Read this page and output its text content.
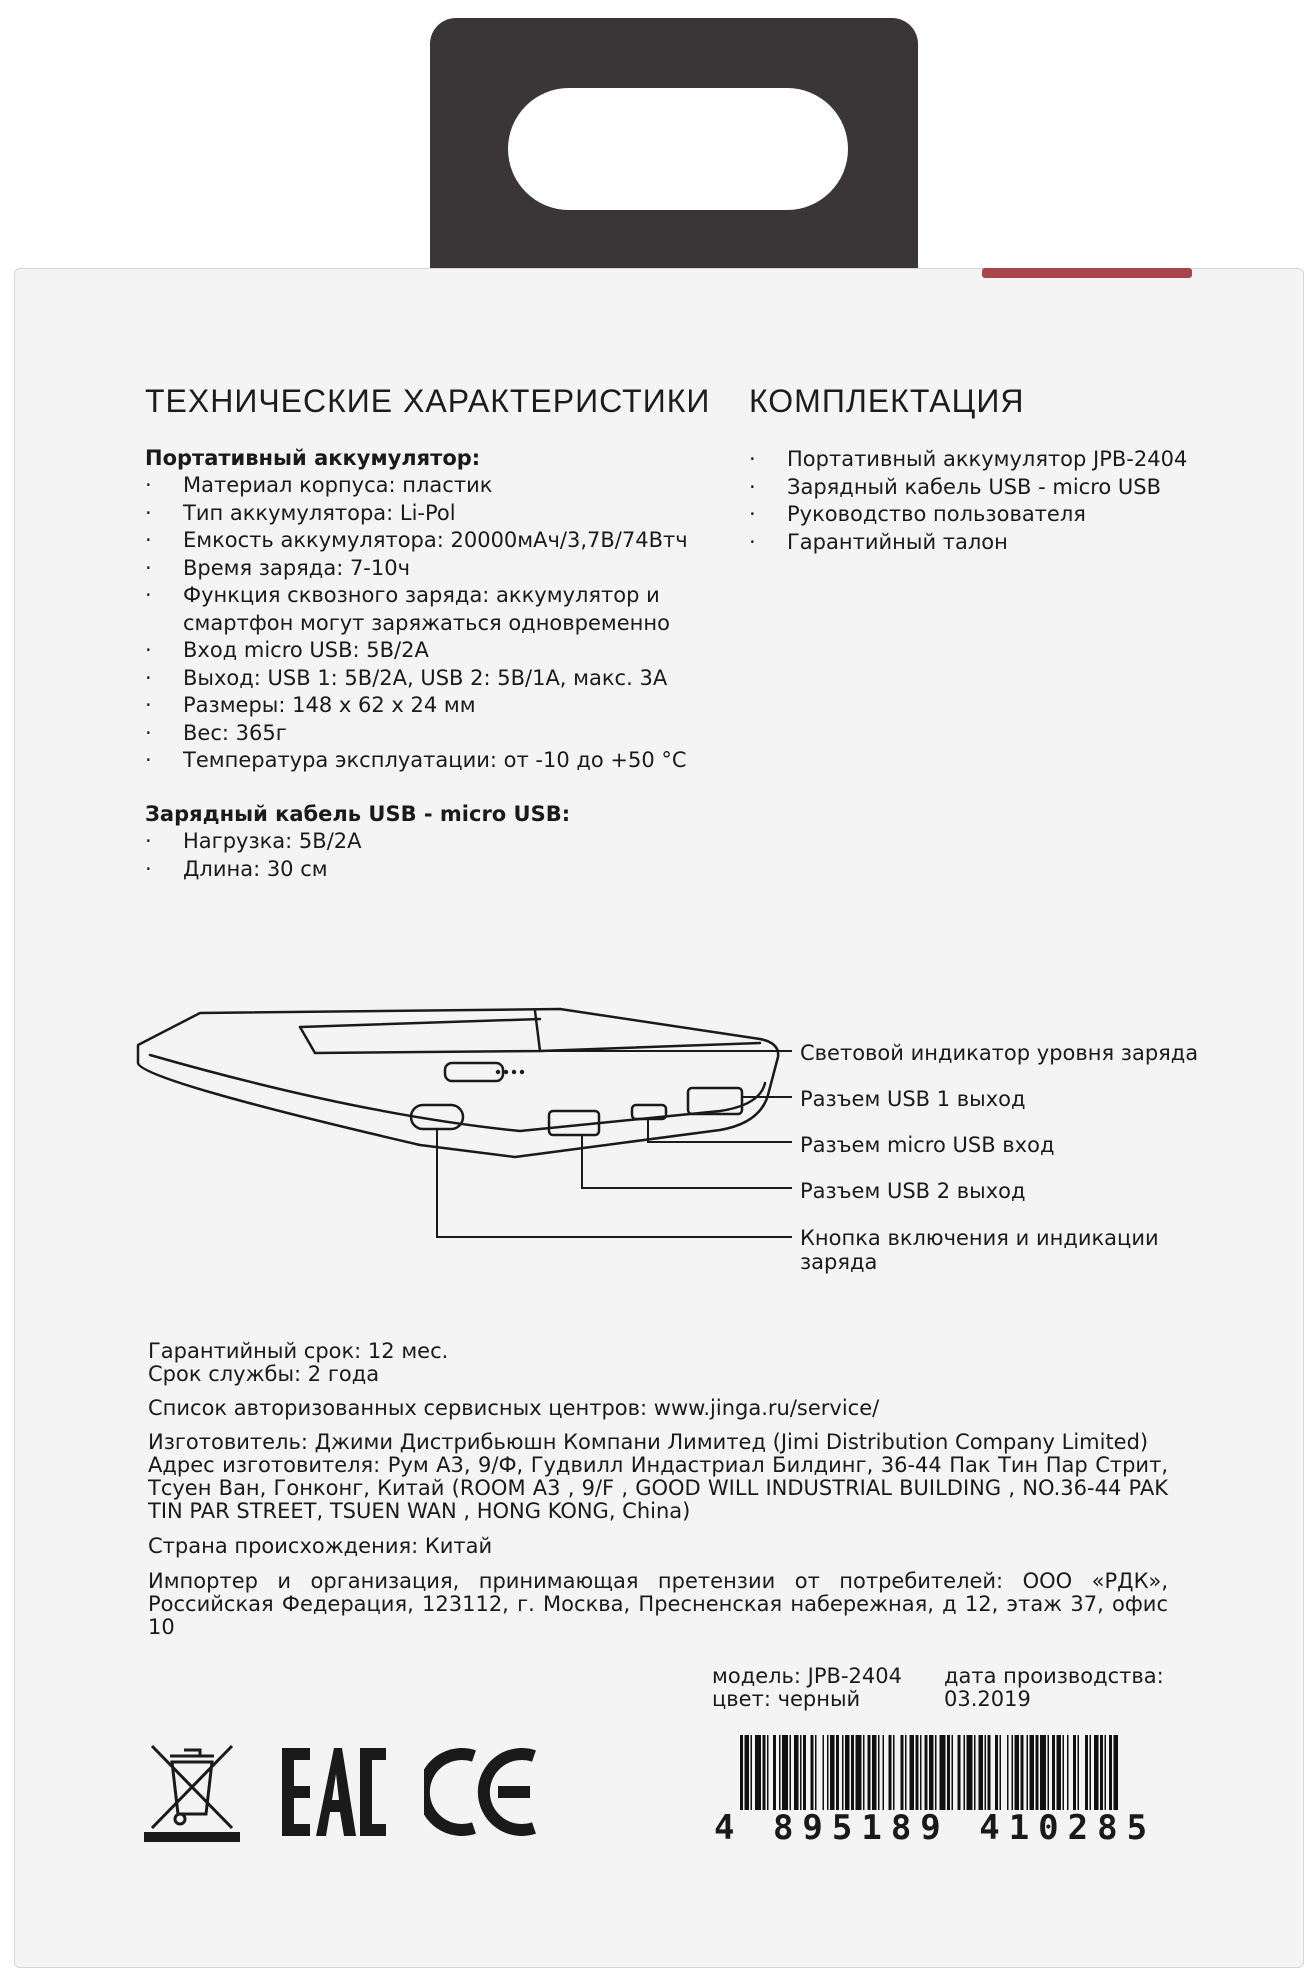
ТЕХНИЧЕСКИЕ ХАРАКТЕРИСТИКИ
Портативный аккумулятор:
· Материал корпуса: пластик
· Тип аккумулятора: Li-Pol
· Емкость аккумулятора: 20000мАч/3,7В/74Втч
· Время заряда: 7-10ч
· Функция сквозного заряда: аккумулятор и смартфон могут заряжаться одновременно
· Вход micro USB: 5В/2А
· Выход: USB 1: 5В/2А, USB 2: 5В/1А, макс. 3А
· Размеры: 148 х 62 х 24 мм
· Вес: 365г
· Температура эксплуатации: от -10 до +50 °С
Зарядный кабель USB - micro USB:
· Нагрузка: 5В/2А
· Длина: 30 см
КОМПЛЕКТАЦИЯ
· Портативный аккумулятор JPB-2404
· Зарядный кабель USB - micro USB
· Руководство пользователя
· Гарантийный талон
Световой индикатор уровня заряда
Разъем USB 1 выход
Разъем micro USB вход
Разъем USB 2 выход
Кнопка включения и индикации заряда
Гарантийный срок: 12 мес.
Срок службы: 2 года
Список авторизованных сервисных центров: www.jinga.ru/service/
Изготовитель: Джими Дистрибьюшн Компани Лимитед (Jimi Distribution Company Limited)
Адрес изготовителя: Рум А3, 9/Ф, Гудвилл Индастриал Билдинг, 36-44 Пак Тин Пар Стрит, Тсуен Ван, Гонконг, Китай (ROOM A3 , 9/F , GOOD WILL INDUSTRIAL BUILDING , NO.36-44 PAK TIN PAR STREET, TSUEN WAN , HONG KONG, China)
Страна происхождения: Китай
Импортер и организация, принимающая претензии от потребителей: ООО «РДК», Российская Федерация, 123112, г. Москва, Пресненская набережная, д 12, этаж 37, офис 10
модель: JPB-2404
цвет: черный
дата производства:
03.2019
4 895189 410285
